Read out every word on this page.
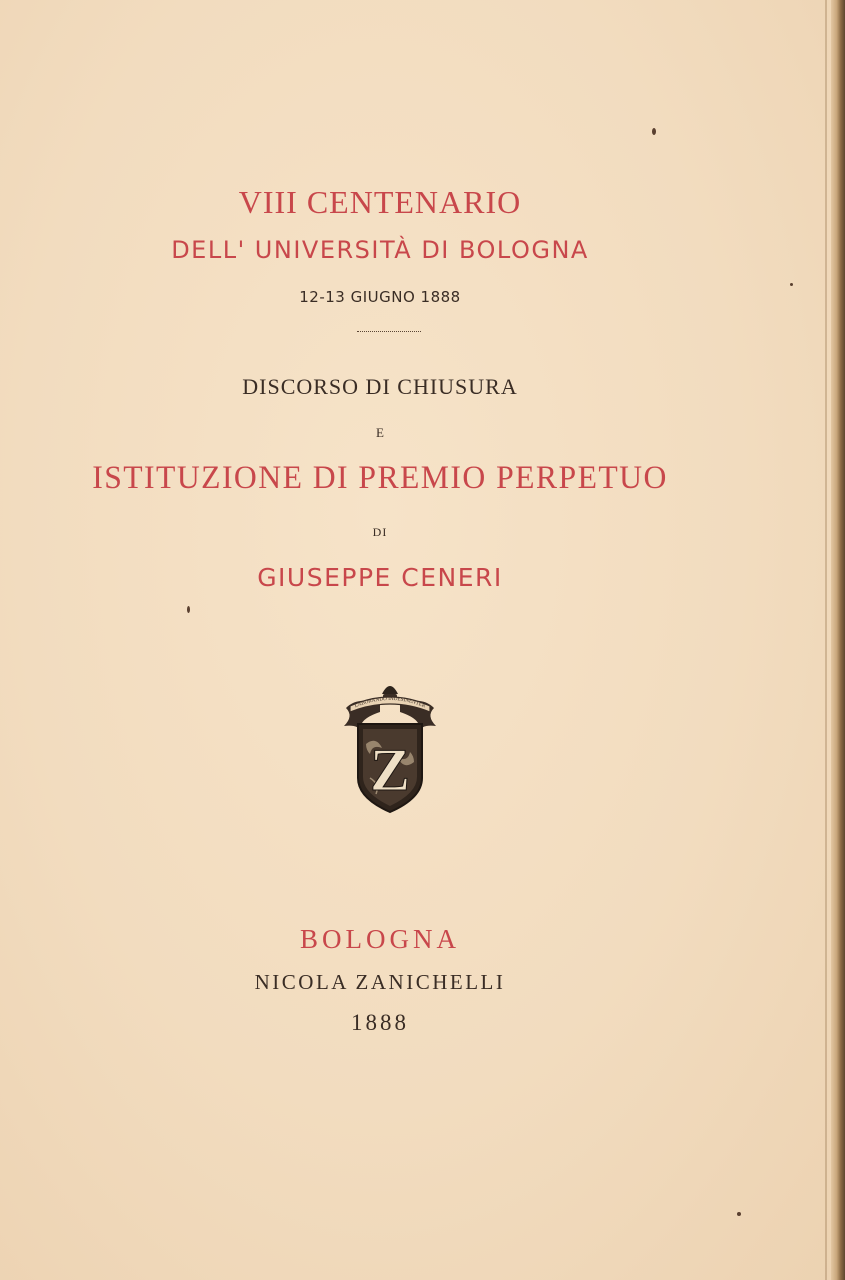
VIII CENTENARIO
DELL' UNIVERSITÀ DI BOLOGNA
12-13 GIUGNO 1888
DISCORSO DI CHIUSURA
E
ISTITUZIONE DI PREMIO PERPETUO
DI
GIUSEPPE CENERI
LABORANDO INDESINENTER
Z
BOLOGNA
NICOLA ZANICHELLI
1888
